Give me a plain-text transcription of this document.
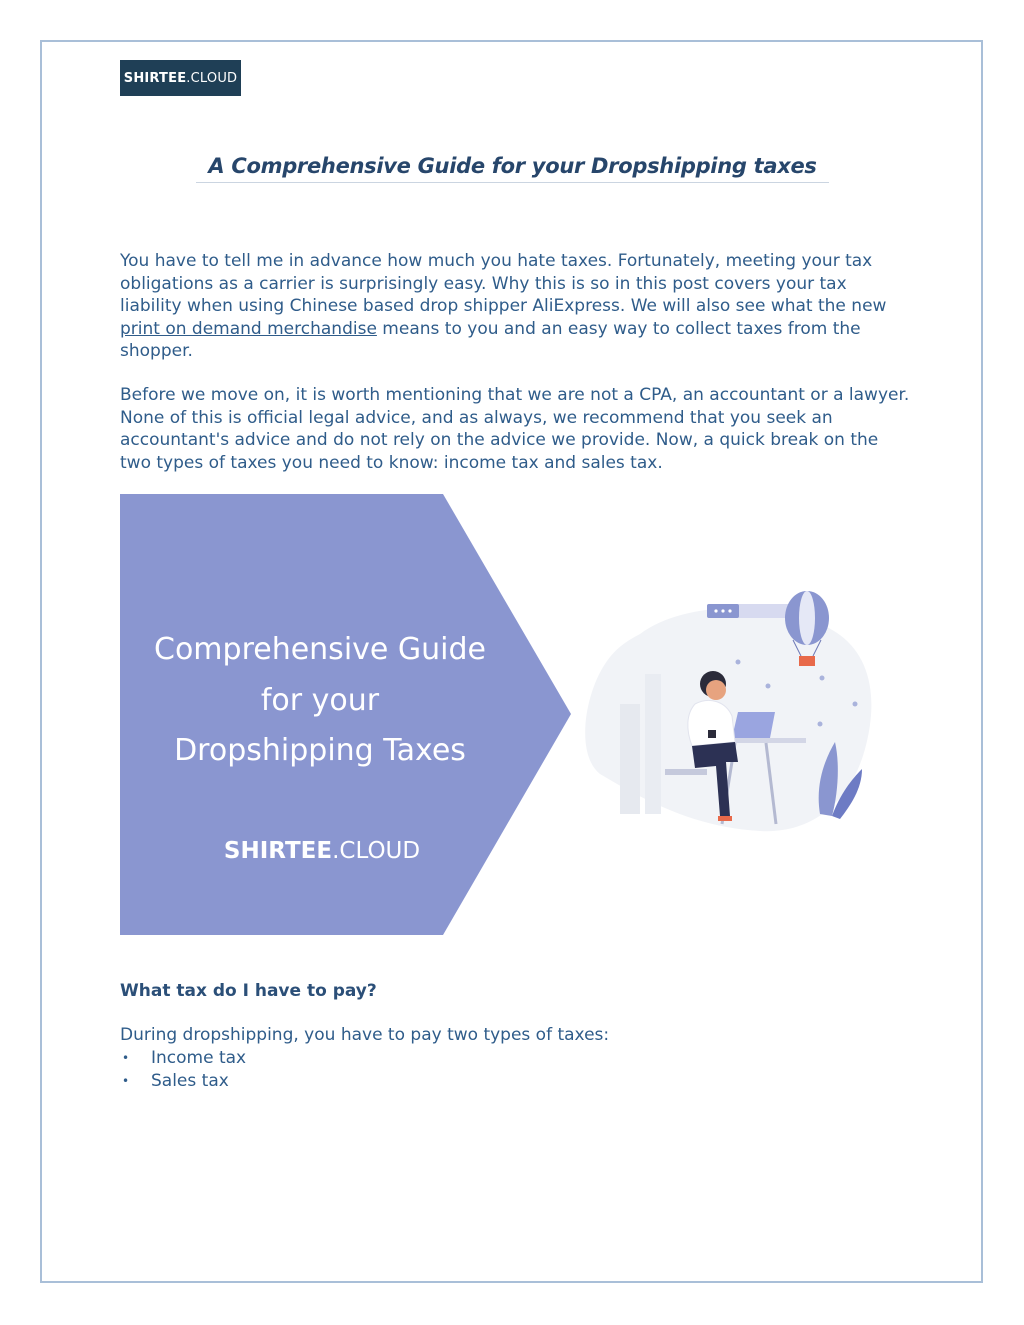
SHIRTEE .CLOUD
A Comprehensive Guide for your Dropshipping taxes

You have to tell me in advance how much you hate taxes. Fortunately, meeting your tax obligations as a carrier is surprisingly easy. Why this is so in this post covers your tax liability when using Chinese based drop shipper AliExpress. We will also see what the new print on demand merchandise means to you and an easy way to collect taxes from the shopper.

Before we move on, it is worth mentioning that we are not a CPA, an accountant or a lawyer. None of this is official legal advice, and as always, we recommend that you seek an accountant's advice and do not rely on the advice we provide. Now, a quick break on the two types of taxes you need to know: income tax and sales tax.

Comprehensive Guide
for your
Dropshipping Taxes
SHIRTEE.CLOUD
What tax do I have to pay?

During dropshipping, you have to pay two types of taxes:

•	Income tax
•	Sales tax
